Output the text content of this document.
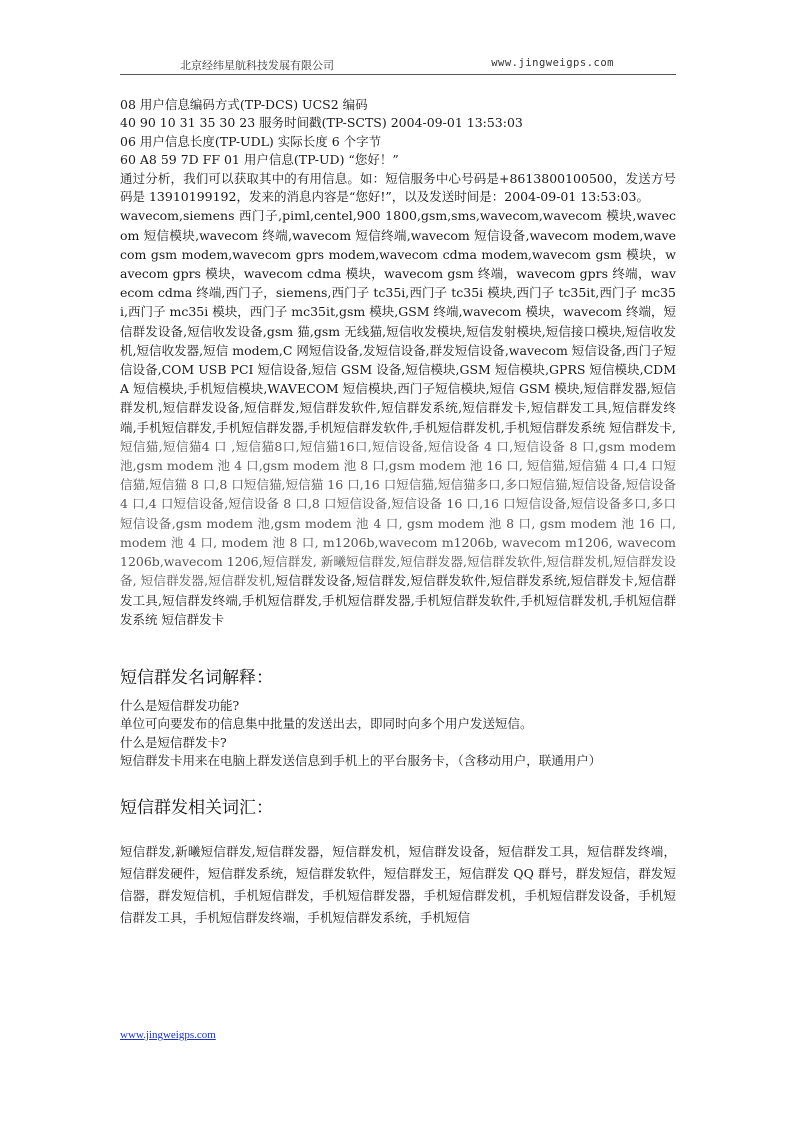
北京经纬星航科技发展有限公司	www.jingweigps.com

08 用户信息编码方式(TP-DCS) UCS2 编码

40 90 10 31 35 30 23 服务时间戳(TP-SCTS) 2004-09-01 13:53:03

06 用户信息长度(TP-UDL) 实际长度 6 个字节

60 A8 59 7D FF 01 用户信息(TP-UD) “您好！”

通过分析，我们可以获取其中的有用信息。如：短信服务中心号码是+8613800100500，发送方号码是 13910199192，发来的消息内容是“您好!”，以及发送时间是：2004-09-01 13:53:03。

wavecom,siemens 西门子,piml,centel,900 1800,gsm,sms,wavecom,wavecom 模块,wavecom 短信模块,wavecom 终端,wavecom 短信终端,wavecom 短信设备,wavecom modem,wavecom gsm modem,wavecom gprs modem,wavecom cdma modem,wavecom gsm 模块，wavecom gprs 模块，wavecom cdma 模块，wavecom gsm 终端，wavecom gprs 终端，wavecom cdma 终端,西门子，siemens,西门子 tc35i,西门子 tc35i 模块,西门子 tc35it,西门子 mc35i,西门子 mc35i 模块，西门子 mc35it,gsm 模块,GSM 终端,wavecom 模块，wavecom 终端，短信群发设备,短信收发设备,gsm 猫,gsm 无线猫,短信收发模块,短信发射模块,短信接口模块,短信收发机,短信收发器,短信 modem,C 网短信设备,发短信设备,群发短信设备,wavecom 短信设备,西门子短信设备,COM USB PCI 短信设备,短信 GSM 设备,短信模块,GSM 短信模块,GPRS 短信模块,CDMA 短信模块,手机短信模块,WAVECOM 短信模块,西门子短信模块,短信 GSM 模块,短信群发器,短信群发机,短信群发设备,短信群发,短信群发软件,短信群发系统,短信群发卡,短信群发工具,短信群发终端,手机短信群发,手机短信群发器,手机短信群发软件,手机短信群发机,手机短信群发系统 短信群发卡,短信猫,短信猫4 口 ,短信猫8口,短信猫16口,短信设备,短信设备 4 口,短信设备 8 口,gsm modem 池,gsm modem 池 4 口,gsm modem 池 8 口,gsm modem 池 16 口, 短信猫,短信猫 4 口,4 口短信猫,短信猫 8 口,8 口短信猫,短信猫 16 口,16 口短信猫,短信猫多口,多口短信猫,短信设备,短信设备 4 口,4 口短信设备,短信设备 8 口,8 口短信设备,短信设备 16 口,16 口短信设备,短信设备多口,多口短信设备,gsm modem 池,gsm modem 池 4 口, gsm modem 池 8 口, gsm modem 池 16 口, modem 池 4 口, modem 池 8 口, m1206b,wavecom m1206b, wavecom m1206, wavecom 1206b,wavecom 1206,短信群发, 新曦短信群发,短信群发器,短信群发软件,短信群发机,短信群发设备, 短信群发器,短信群发机,短信群发设备,短信群发,短信群发软件,短信群发系统,短信群发卡,短信群发工具,短信群发终端,手机短信群发,手机短信群发器,手机短信群发软件,手机短信群发机,手机短信群发系统 短信群发卡

短信群发名词解释：

什么是短信群发功能?

单位可向要发布的信息集中批量的发送出去，即同时向多个用户发送短信。

什么是短信群发卡?

短信群发卡用来在电脑上群发送信息到手机上的平台服务卡，（含移动用户，联通用户）

短信群发相关词汇：

短信群发,新曦短信群发,短信群发器，短信群发机，短信群发设备，短信群发工具，短信群发终端，短信群发硬件，短信群发系统，短信群发软件，短信群发王，短信群发 QQ 群号，群发短信，群发短信器，群发短信机，手机短信群发，手机短信群发器，手机短信群发机，手机短信群发设备，手机短信群发工具，手机短信群发终端，手机短信群发系统，手机短信

www.jingweigps.com
